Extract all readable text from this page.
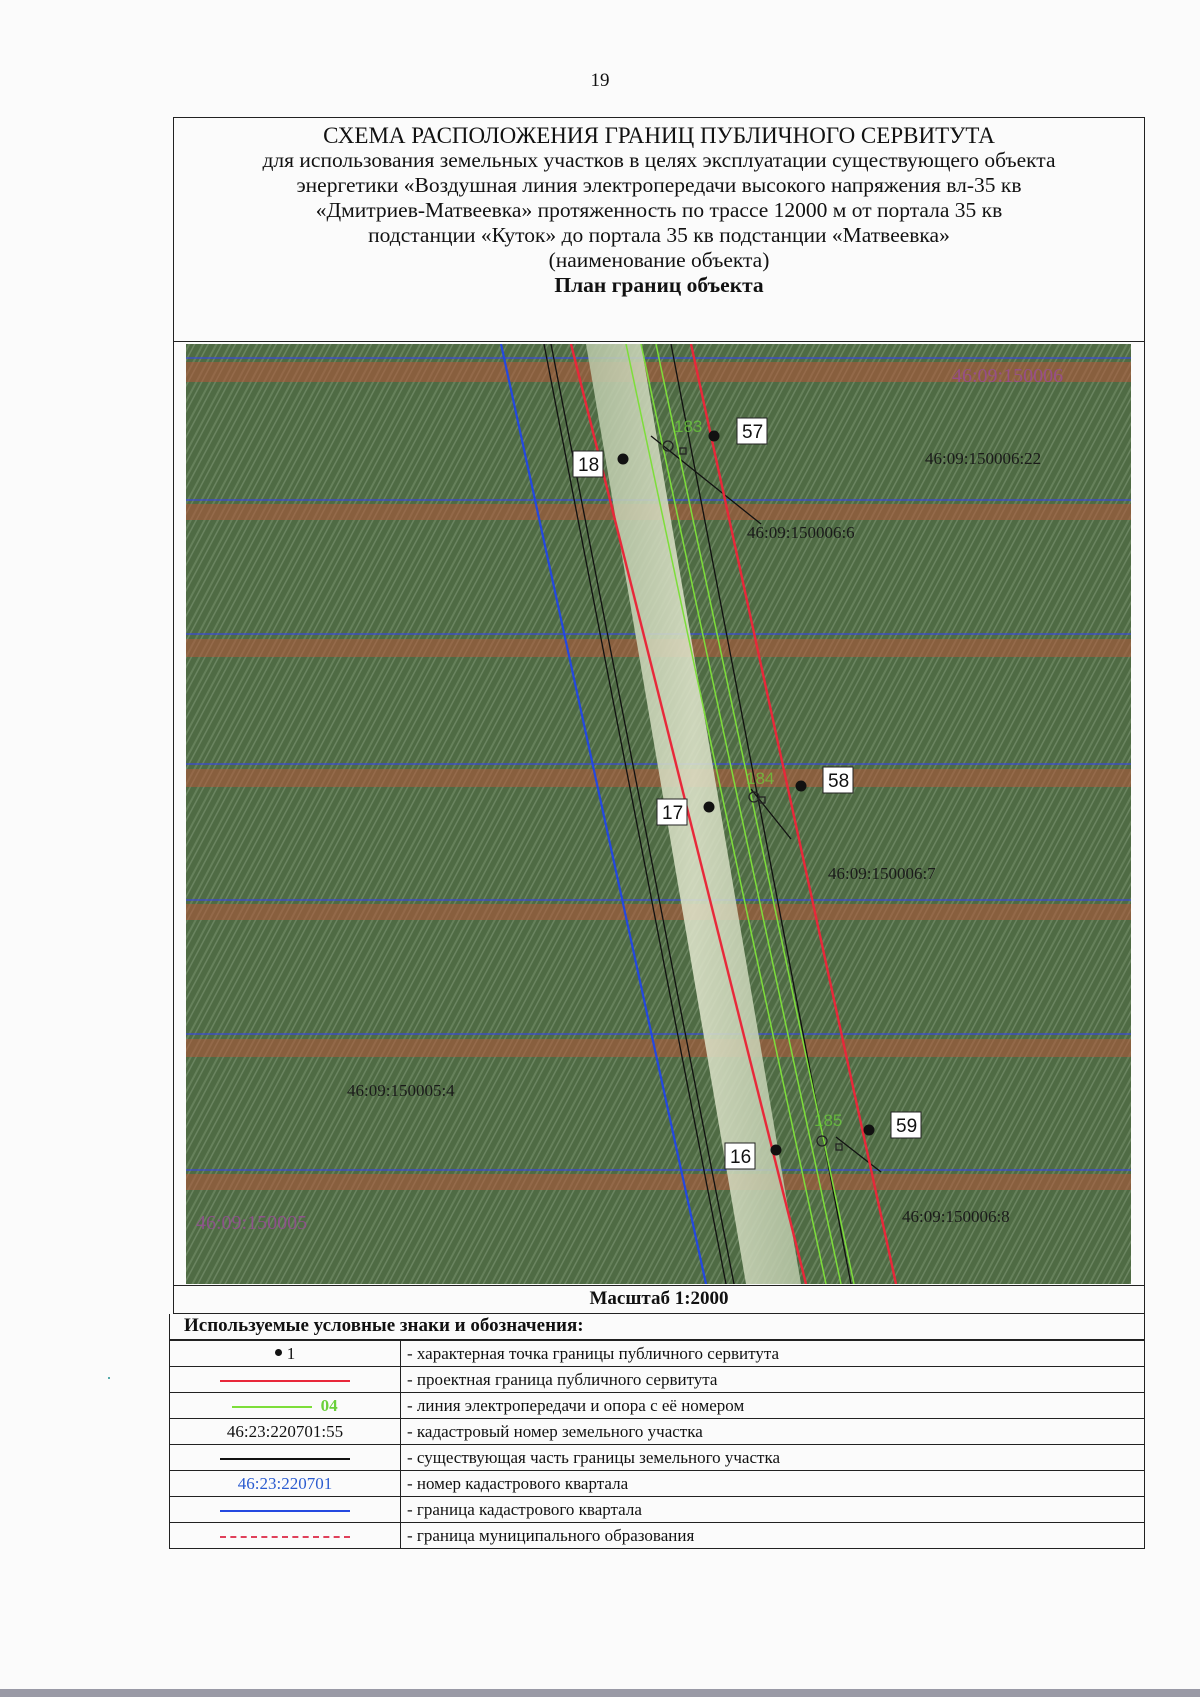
19
СХЕМА РАСПОЛОЖЕНИЯ ГРАНИЦ ПУБЛИЧНОГО СЕРВИТУТА
для использования земельных участков в целях эксплуатации существующего объекта
энергетики «Воздушная линия электропередачи высокого напряжения вл-35 кв
«Дмитриев-Матвеевка» протяженность по трассе 12000 м от портала 35 кв
подстанции «Куток» до портала 35 кв подстанции «Матвеевка»
(наименование объекта)
План границ объекта
183
184
185
57
18
58
17
59
16
46:09:150006:22
46:09:150006:6
46:09:150006:7
46:09:150006:8
46:09:150005:4
46:09:150006
46:09:150005
Масштаб 1:2000
Используемые условные знаки и обозначения:
1	- характерная точка границы публичного сервитута
	- проектная граница публичного сервитута
04	- линия электропередачи и опора с её номером
46:23:220701:55	- кадастровый номер земельного участка
	- существующая часть границы земельного участка
46:23:220701	- номер кадастрового квартала
	- граница кадастрового квартала
	- граница муниципального образования
